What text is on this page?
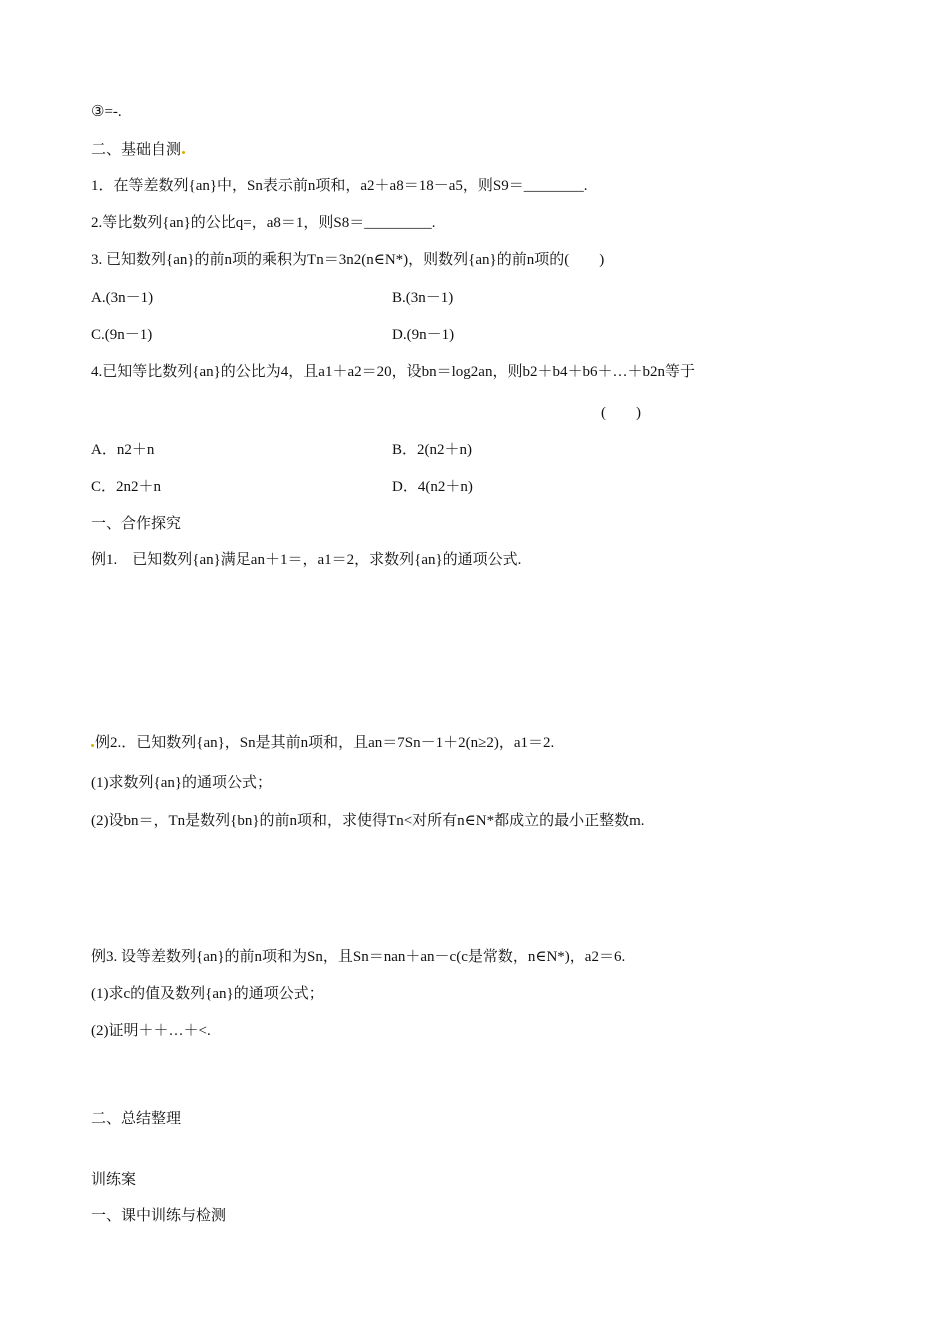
③=-.
二、基础自测
1．在等差数列{an}中，Sn表示前n项和，a2＋a8＝18－a5，则S9＝________.
2.等比数列{an}的公比q=，a8＝1，则S8＝_________.
3. 已知数列{an}的前n项的乘积为Tn＝3n2(n∈N*)，则数列{an}的前n项的(　　)
A.(3n－1)	B.(3n－1)
C.(9n－1)	D.(9n－1)
4.已知等比数列{an}的公比为4，且a1＋a2＝20，设bn＝log2an，则b2＋b4＋b6＋…＋b2n等于
(　　)
A．n2＋n	B．2(n2＋n)
C．2n2＋n	D．4(n2＋n)
一、合作探究
例1.　已知数列{an}满足an＋1＝，a1＝2，求数列{an}的通项公式.
例2.．已知数列{an}，Sn是其前n项和，且an＝7Sn－1＋2(n≥2)，a1＝2.
(1)求数列{an}的通项公式；
(2)设bn＝，Tn是数列{bn}的前n项和，求使得Tn<对所有n∈N*都成立的最小正整数m.
例3. 设等差数列{an}的前n项和为Sn，且Sn＝nan＋an－c(c是常数，n∈N*)，a2＝6.
(1)求c的值及数列{an}的通项公式；
(2)证明＋＋…＋<.
二、总结整理
训练案
一、课中训练与检测
